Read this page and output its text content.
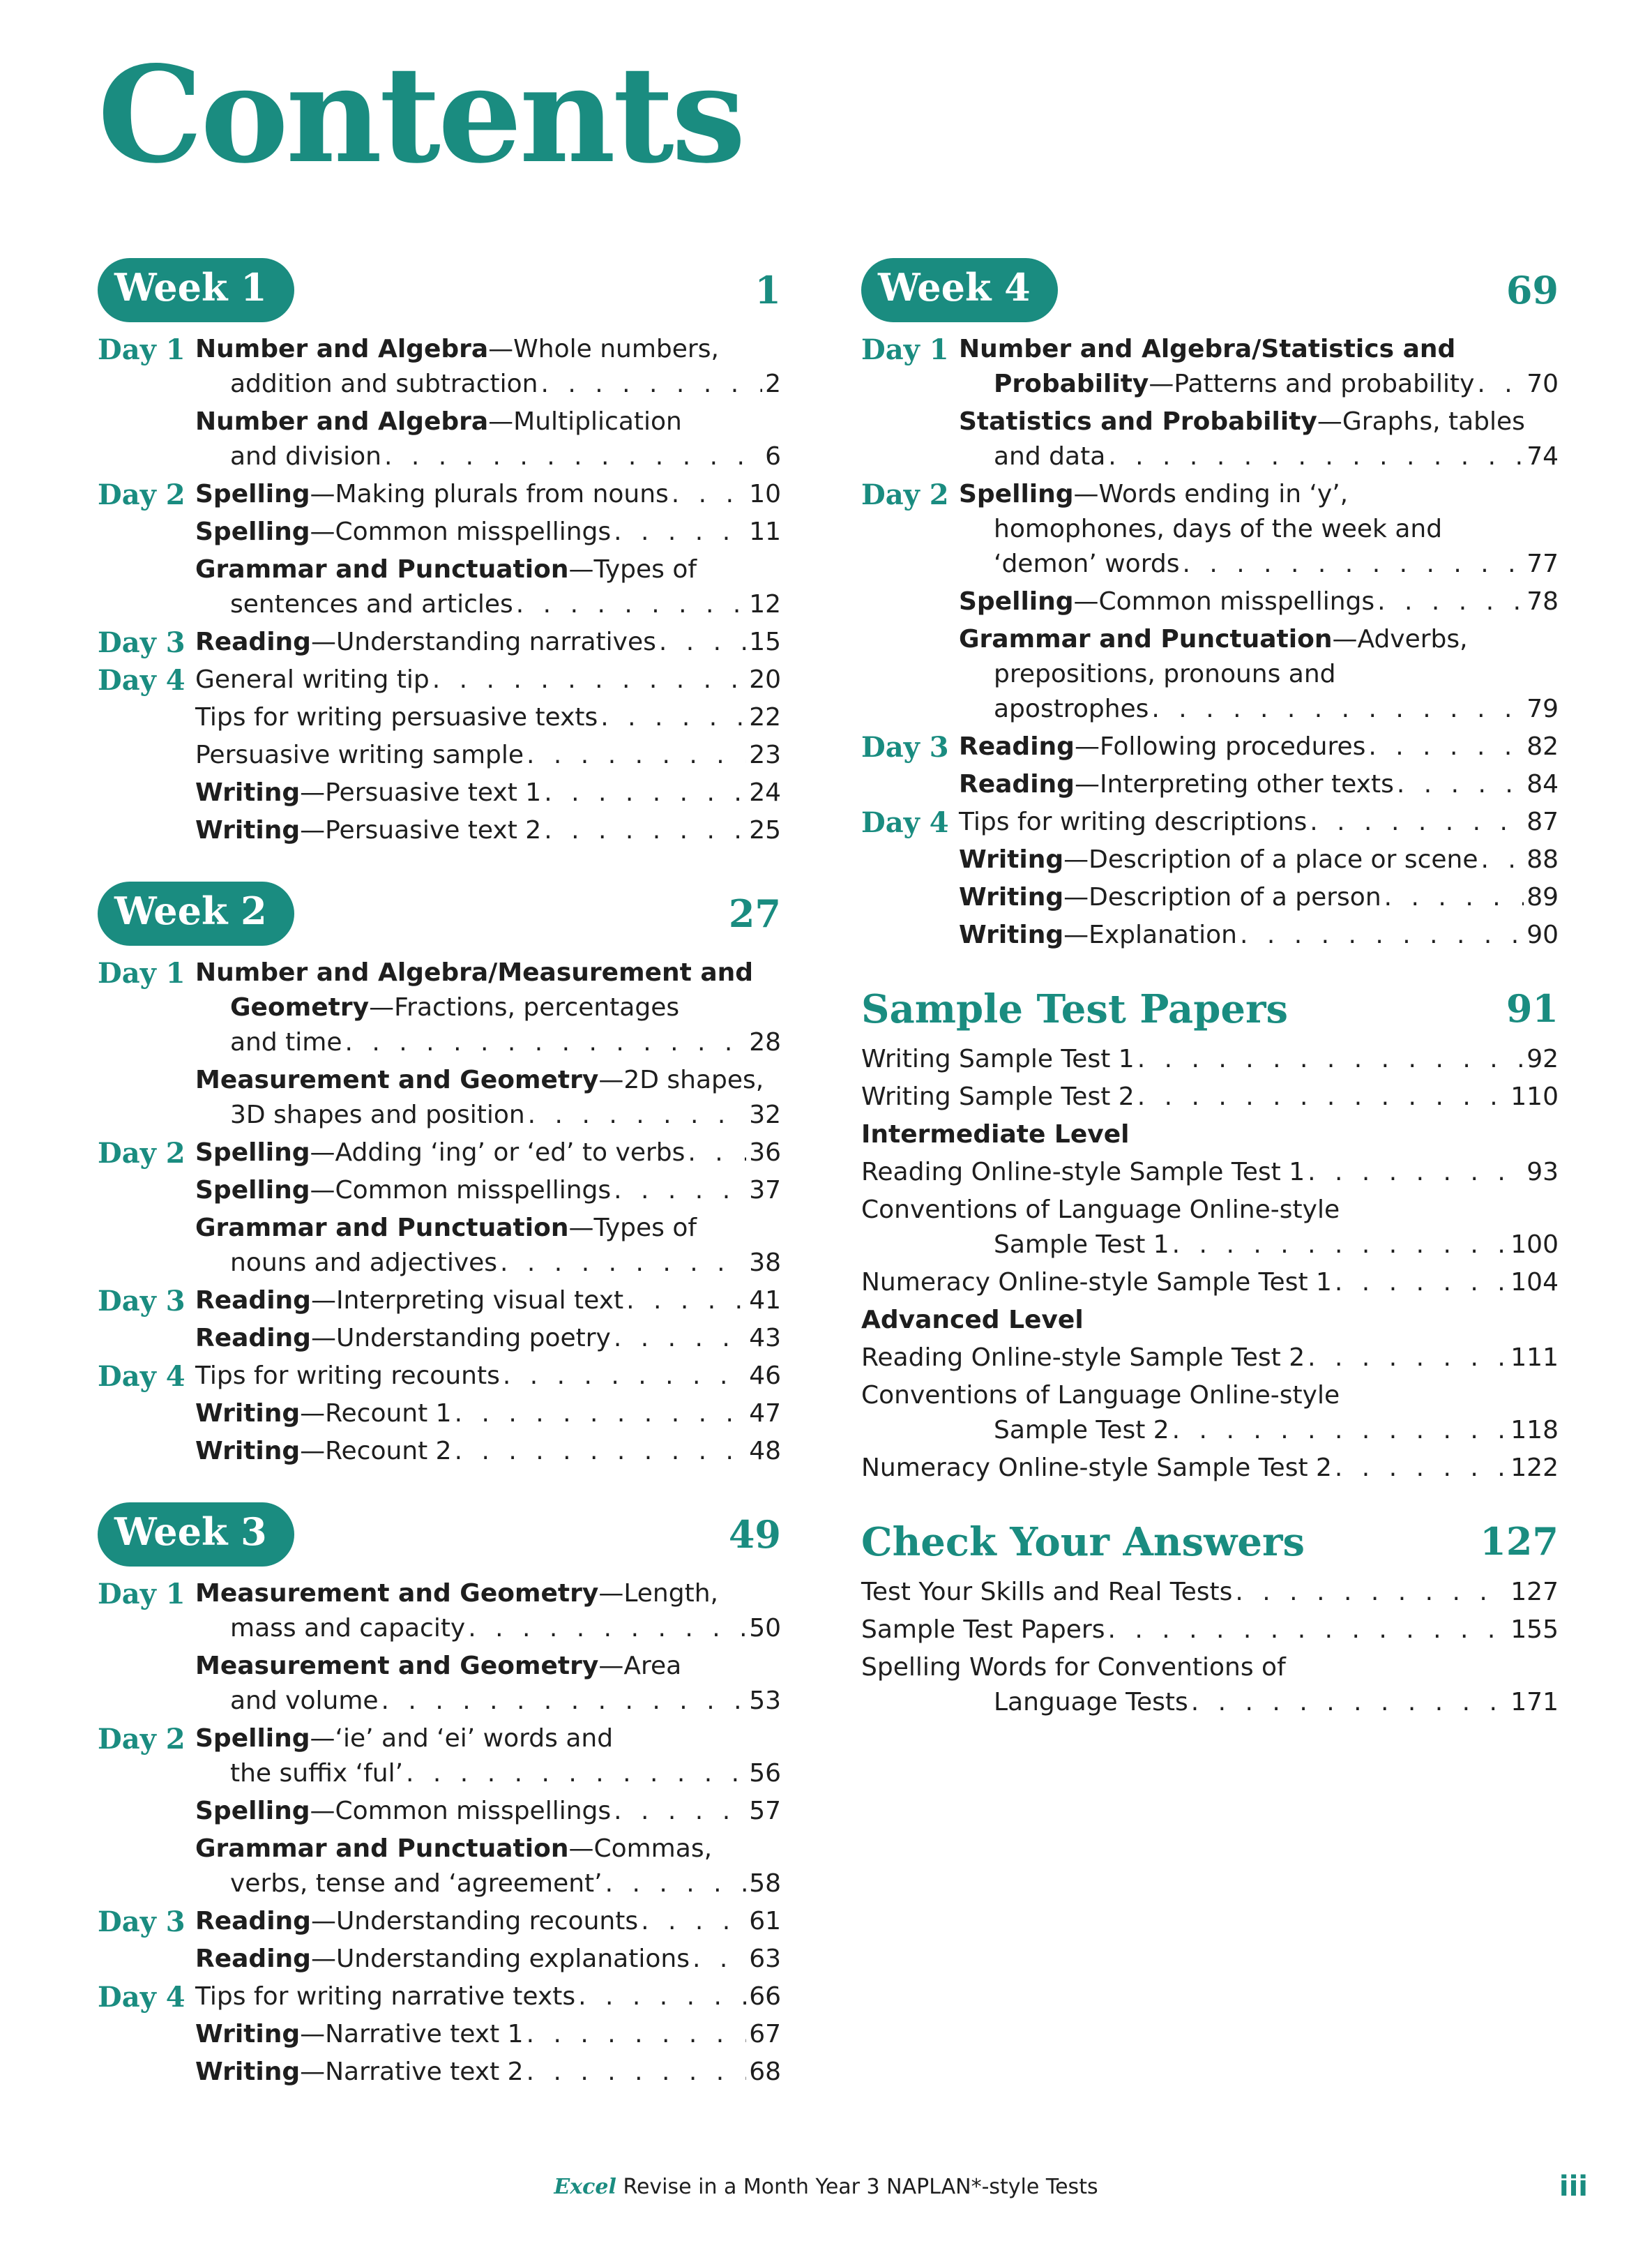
Contents
Week 1	1
Day 1 Number and Algebra—Whole numbers,
addition and subtraction . . .	2
Number and Algebra—Multiplication
and division . . .	6
Day 2 Spelling—Making plurals from nouns . . .	10
Spelling—Common misspellings . . .	11
Grammar and Punctuation—Types of
sentences and articles . . .	12
Day 3 Reading—Understanding narratives . . .	15
Day 4 General writing tip . . .	20
Tips for writing persuasive texts . . .	22
Persuasive writing sample . . .	23
Writing—Persuasive text 1 . . .	24
Writing—Persuasive text 2 . . .	25
Week 2	27
Day 1 Number and Algebra/Measurement and
Geometry—Fractions, percentages
and time . . .	28
Measurement and Geometry—2D shapes,
3D shapes and position . . .	32
Day 2 Spelling—Adding ‘ing’ or ‘ed’ to verbs . . .	36
Spelling—Common misspellings . . .	37
Grammar and Punctuation—Types of
nouns and adjectives . . .	38
Day 3 Reading—Interpreting visual text . . .	41
Reading—Understanding poetry . . .	43
Day 4 Tips for writing recounts . . .	46
Writing—Recount 1 . . .	47
Writing—Recount 2 . . .	48
Week 3	49
Day 1 Measurement and Geometry—Length,
mass and capacity . . .	50
Measurement and Geometry—Area
and volume . . .	53
Day 2 Spelling—‘ie’ and ‘ei’ words and
the suffix ‘ful’ . . .	56
Spelling—Common misspellings . . .	57
Grammar and Punctuation—Commas,
verbs, tense and ‘agreement’ . . .	58
Day 3 Reading—Understanding recounts . . .	61
Reading—Understanding explanations . . . 63
Day 4 Tips for writing narrative texts . . .	66
Writing—Narrative text 1 . . .	67
Writing—Narrative text 2 . . .	68
Week 4	69
Day 1 Number and Algebra/Statistics and
Probability—Patterns and probability . . . 70
Statistics and Probability—Graphs, tables
and data . . .	74
Day 2 Spelling—Words ending in ‘y’,
homophones, days of the week and
‘demon’ words . . .	77
Spelling—Common misspellings . . .	78
Grammar and Punctuation—Adverbs,
prepositions, pronouns and
apostrophes . . .	79
Day 3 Reading—Following procedures . . .	82
Reading—Interpreting other texts . . .	84
Day 4 Tips for writing descriptions . . .	87
Writing—Description of a place or scene . . . 88
Writing—Description of a person . . .	89
Writing—Explanation . . .	90
Sample Test Papers	91
Writing Sample Test 1 . . .	92
Writing Sample Test 2 . . .	110
Intermediate Level
Reading Online-style Sample Test 1 . . .	93
Conventions of Language Online-style
Sample Test 1 . . .	100
Numeracy Online-style Sample Test 1 . . .	104
Advanced Level
Reading Online-style Sample Test 2 . . .	111
Conventions of Language Online-style
Sample Test 2 . . .	118
Numeracy Online-style Sample Test 2 . . .	122
Check Your Answers	127
Test Your Skills and Real Tests . . .	127
Sample Test Papers . . .	155
Spelling Words for Conventions of
Language Tests . . .	171
Excel Revise in a Month Year 3 NAPLAN*-style Tests	iii
